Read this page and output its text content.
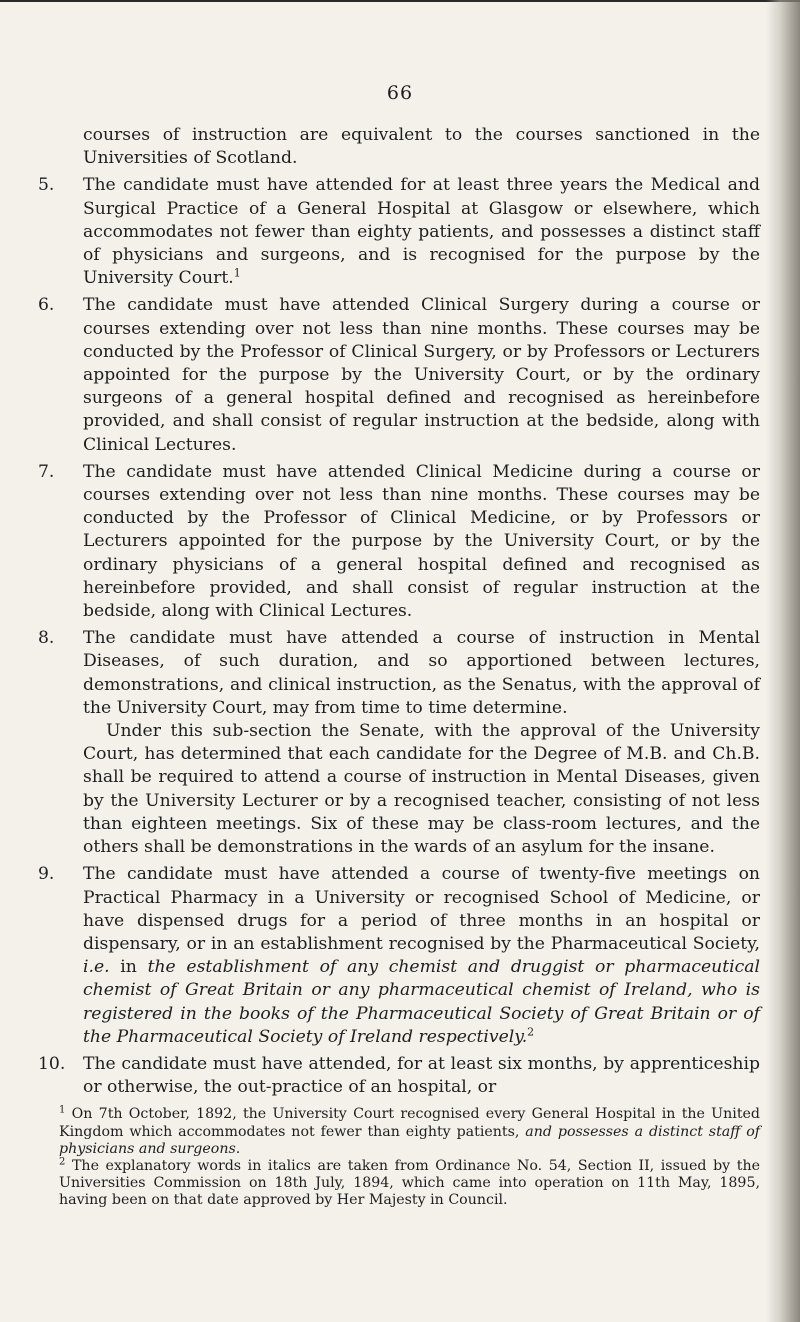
66

courses of instruction are equivalent to the courses sanctioned in the Universities of Scotland.

5.	The candidate must have attended for at least three years the Medical and Surgical Practice of a General Hospital at Glasgow or elsewhere, which accommodates not fewer than eighty patients, and possesses a distinct staff of physicians and surgeons, and is recognised for the purpose by the University Court.$^1$
6.	The candidate must have attended Clinical Surgery during a course or courses extending over not less than nine months. These courses may be conducted by the Professor of Clinical Surgery, or by Professors or Lecturers appointed for the purpose by the University Court, or by the ordinary surgeons of a general hospital defined and recognised as hereinbefore provided, and shall consist of regular instruction at the bedside, along with Clinical Lectures.
7.	The candidate must have attended Clinical Medicine during a course or courses extending over not less than nine months. These courses may be conducted by the Professor of Clinical Medicine, or by Professors or Lecturers appointed for the purpose by the University Court, or by the ordinary physicians of a general hospital defined and recognised as hereinbefore provided, and shall consist of regular instruction at the bedside, along with Clinical Lectures.
8.	The candidate must have attended a course of instruction in Mental Diseases, of such duration, and so apportioned between lectures, demonstrations, and clinical instruction, as the Senatus, with the approval of the University Court, may from time to time determine.

Under this sub-section the Senate, with the approval of the University Court, has determined that each candidate for the Degree of M.B. and Ch.B. shall be required to attend a course of instruction in Mental Diseases, given by the University Lecturer or by a recognised teacher, consisting of not less than eighteen meetings. Six of these may be class-room lectures, and the others shall be demonstrations in the wards of an asylum for the insane.

9.	The candidate must have attended a course of twenty-five meetings on Practical Pharmacy in a University or recognised School of Medicine, or have dispensed drugs for a period of three months in an hospital or dispensary, or in an establishment recognised by the Pharmaceutical Society, i.e. in the establishment of any chemist and druggist or pharmaceutical chemist of Great Britain or any pharmaceutical chemist of Ireland, who is registered in the books of the Pharmaceutical Society of Great Britain or of the Pharmaceutical Society of Ireland respectively.$^2$
10.	The candidate must have attended, for at least six months, by apprenticeship or otherwise, the out-practice of an hospital, or

$^1$ On 7th October, 1892, the University Court recognised every General Hospital in the United Kingdom which accommodates not fewer than eighty patients, and possesses a distinct staff of physicians and surgeons.

$^2$ The explanatory words in italics are taken from Ordinance No. 54, Section II, issued by the Universities Commission on 18th July, 1894, which came into operation on 11th May, 1895, having been on that date approved by Her Majesty in Council.
